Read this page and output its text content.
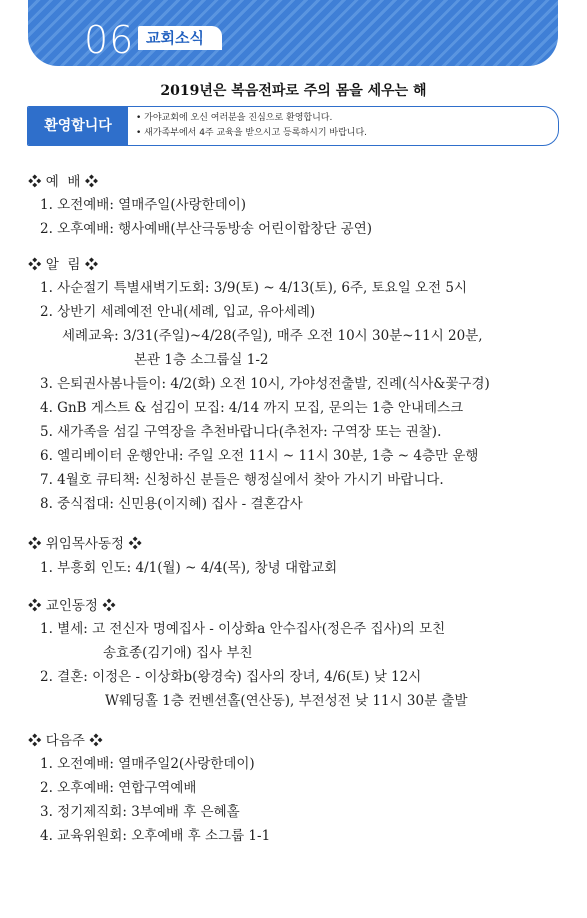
06 교회소식
2019년은 복음전파로 주의 몸을 세우는 해
환영합니다
•	가야교회에 오신 여러분을 진심으로 환영합니다.
• 새가족부에서 4주 교육을 받으시고 등록하시기 바랍니다.
❖ 예  배 ❖
1. 오전예배: 열매주일(사랑한데이)
2. 오후예배: 행사예배(부산극동방송 어린이합창단 공연)
❖ 알  림 ❖
1. 사순절기 특별새벽기도회: 3/9(토) ~ 4/13(토), 6주, 토요일 오전 5시
2. 상반기 세례예전 안내(세례, 입교, 유아세례)
세례교육: 3/31(주일)~4/28(주일), 매주 오전 10시 30분~11시 20분,
본관 1층 소그룹실 1-2
3. 은퇴권사봄나들이: 4/2(화) 오전 10시, 가야성전출발, 진례(식사&꽃구경)
4. GnB 게스트 & 섬김이 모집: 4/14 까지 모집, 문의는 1층 안내데스크
5. 새가족을 섬길 구역장을 추천바랍니다(추천자: 구역장 또는 권찰).
6. 엘리베이터 운행안내: 주일 오전 11시 ~ 11시 30분, 1층 ~ 4층만 운행
7. 4월호 큐티책: 신청하신 분들은 행정실에서 찾아 가시기 바랍니다.
8. 중식접대: 신민용(이지혜) 집사 - 결혼감사
❖ 위임목사동정 ❖
1. 부흥회 인도: 4/1(월) ~ 4/4(목), 창녕 대합교회
❖ 교인동정 ❖
1. 별세: 고 전신자 명예집사 - 이상화a 안수집사(정은주 집사)의 모친
송효종(김기애) 집사 부친
2. 결혼: 이정은 - 이상화b(왕경숙) 집사의 장녀, 4/6(토) 낮 12시
W웨딩홀 1층 컨벤션홀(연산동), 부전성전 낮 11시 30분 출발
❖ 다음주 ❖
1. 오전예배: 열매주일2(사랑한데이)
2. 오후예배: 연합구역예배
3. 정기제직회: 3부예배 후 은혜홀
4. 교육위원회: 오후예배 후 소그룹 1-1
